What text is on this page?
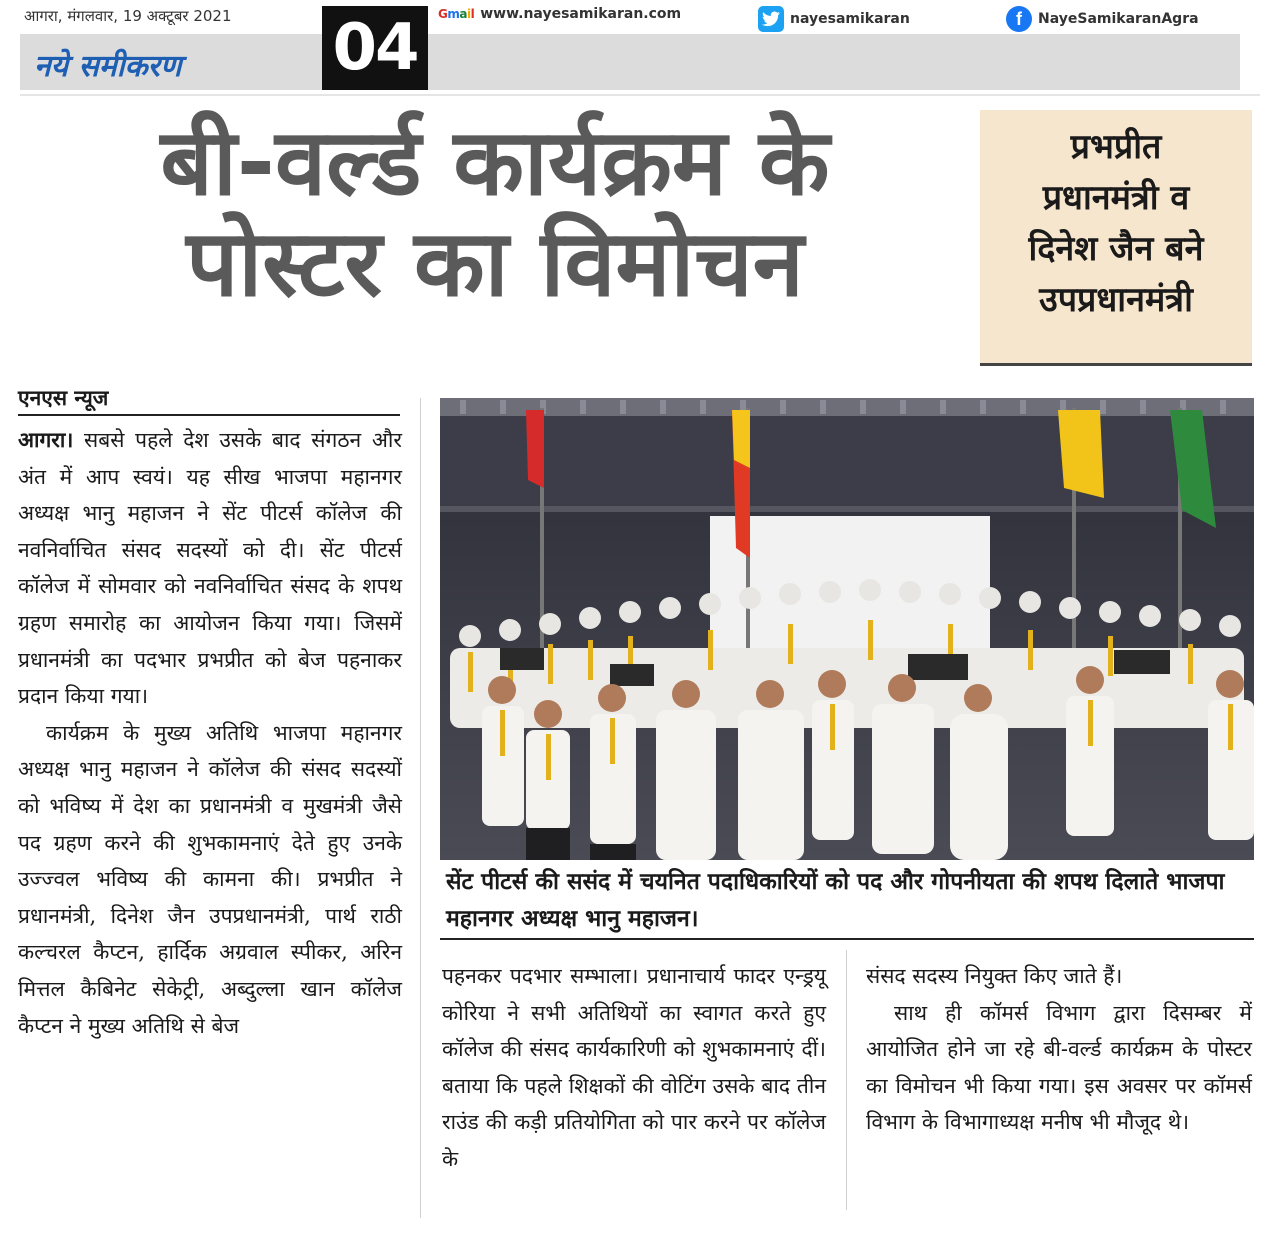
आगरा, मंगलवार, 19 अक्टूबर 2021 04
नये समीकरण
Gmail www.nayesamikaran.com	nayesamikaran	f	NayeSamikaranAgra
बी-वर्ल्ड कार्यक्रम के
पोस्टर का विमोचन
प्रभप्रीत
प्रधानमंत्री व
दिनेश जैन बने
उपप्रधानमंत्री
एनएस न्यूज

आगरा। सबसे पहले देश उसके बाद संगठन और अंत में आप स्वयं। यह सीख भाजपा महानगर अध्यक्ष भानु महाजन ने सेंट पीटर्स कॉलेज की नवनिर्वाचित संसद सदस्यों को दी। सेंट पीटर्स कॉलेज में सोमवार को नवनिर्वाचित संसद के शपथ ग्रहण समारोह का आयोजन किया गया। जिसमें प्रधानमंत्री का पदभार प्रभप्रीत को बेज पहनाकर प्रदान किया गया।

कार्यक्रम के मुख्य अतिथि भाजपा महानगर अध्यक्ष भानु महाजन ने कॉलेज की संसद सदस्यों को भविष्य में देश का प्रधानमंत्री व मुखमंत्री जैसे पद ग्रहण करने की शुभकामनाएं देते हुए उनके उज्ज्वल भविष्य की कामना की। प्रभप्रीत ने प्रधानमंत्री, दिनेश जैन उपप्रधानमंत्री, पार्थ राठी कल्चरल कैप्टन, हार्दिक अग्रवाल स्पीकर, अरिन मित्तल कैबिनेट सेकेट्री, अब्दुल्ला खान कॉलेज कैप्टन ने मुख्य अतिथि से बेज

सेंट पीटर्स की ससंद में चयनित पदाधिकारियों को पद और गोपनीयता की शपथ दिलाते भाजपा महानगर अध्यक्ष भानु महाजन।

पहनकर पदभार सम्भाला। प्रधानाचार्य फादर एन्ड्रयू कोरिया ने सभी अतिथियों का स्वागत करते हुए कॉलेज की संसद कार्यकारिणी को शुभकामनाएं दीं। बताया कि पहले शिक्षकों की वोटिंग उसके बाद तीन राउंड की कड़ी प्रतियोगिता को पार करने पर कॉलेज के

संसद सदस्य नियुक्त किए जाते हैं।

साथ ही कॉमर्स विभाग द्वारा दिसम्बर में आयोजित होने जा रहे बी-वर्ल्ड कार्यक्रम के पोस्टर का विमोचन भी किया गया। इस अवसर पर कॉमर्स विभाग के विभागाध्यक्ष मनीष भी मौजूद थे।
